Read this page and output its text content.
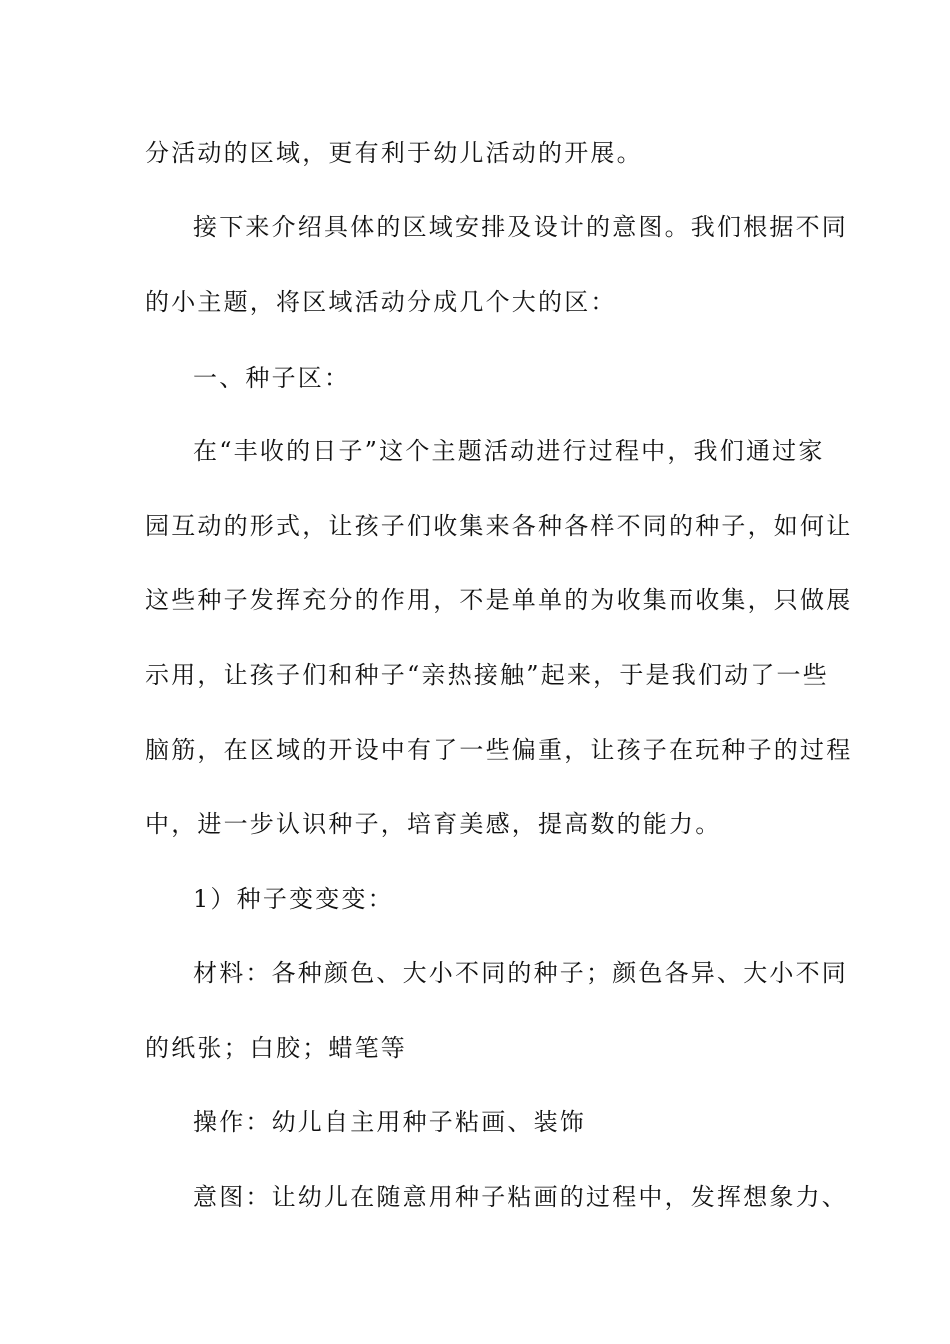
分活动的区域，更有利于幼儿活动的开展。
接下来介绍具体的区域安排及设计的意图。我们根据不同
的小主题，将区域活动分成几个大的区：
一、种子区：
在“丰收的日子”这个主题活动进行过程中，我们通过家
园互动的形式，让孩子们收集来各种各样不同的种子，如何让
这些种子发挥充分的作用，不是单单的为收集而收集，只做展
示用，让孩子们和种子“亲热接触”起来，于是我们动了一些
脑筋，在区域的开设中有了一些偏重，让孩子在玩种子的过程
中，进一步认识种子，培育美感，提高数的能力。
1）种子变变变：
材料：各种颜色、大小不同的种子；颜色各异、大小不同
的纸张；白胶；蜡笔等
操作：幼儿自主用种子粘画、装饰
意图：让幼儿在随意用种子粘画的过程中，发挥想象力、
